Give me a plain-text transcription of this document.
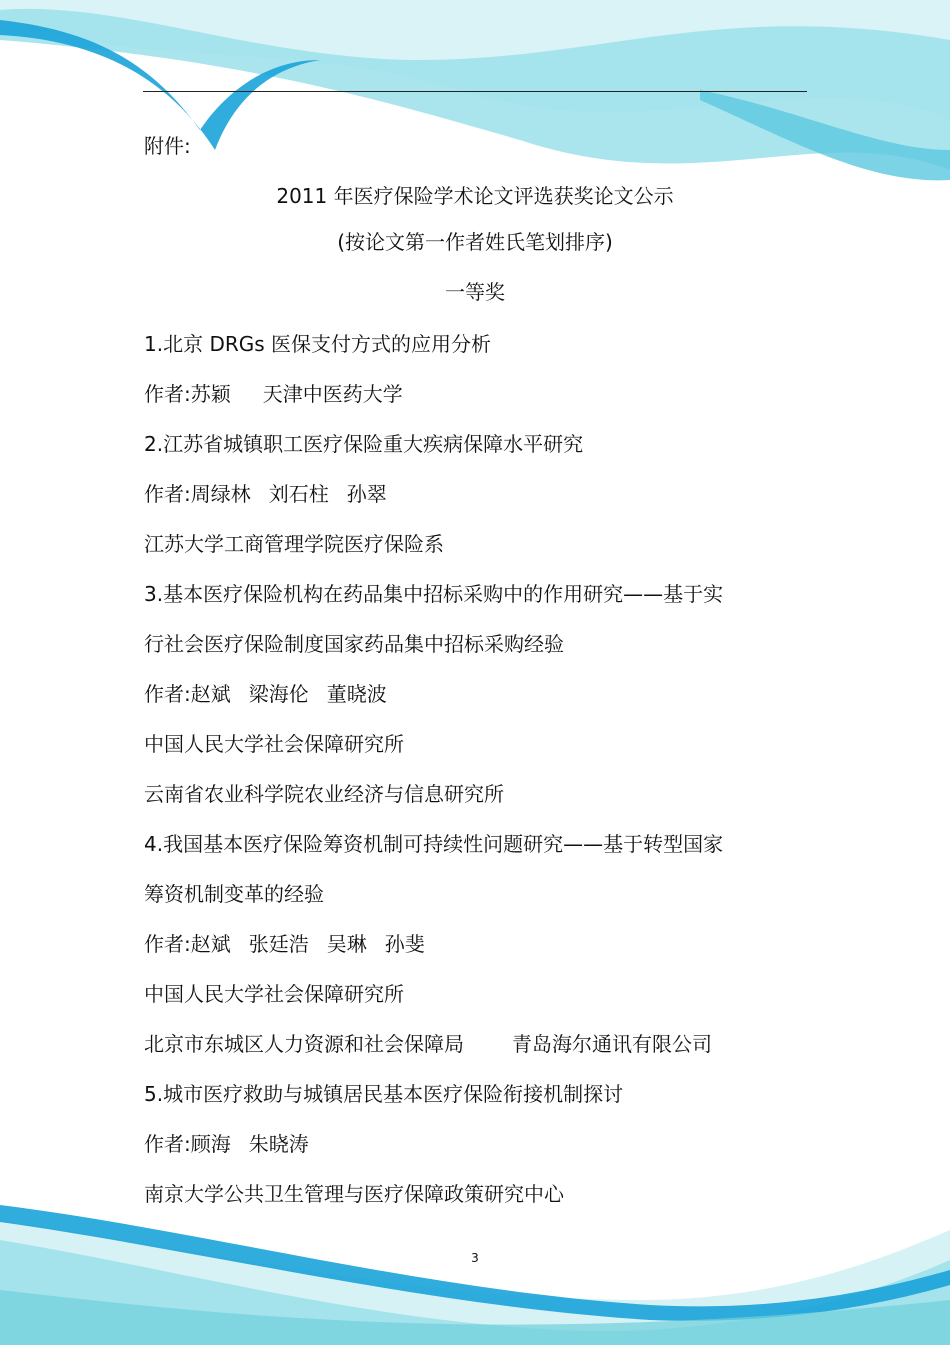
附件:
2011 年医疗保险学术论文评选获奖论文公示
(按论文第一作者姓氏笔划排序)
一等奖
1.北京 DRGs 医保支付方式的应用分析
作者:苏颖 天津中医药大学
2.江苏省城镇职工医疗保险重大疾病保障水平研究
作者:周绿林 刘石柱 孙翠
江苏大学工商管理学院医疗保险系
3.基本医疗保险机构在药品集中招标采购中的作用研究——基于实
行社会医疗保险制度国家药品集中招标采购经验
作者:赵斌 梁海伦 董晓波
中国人民大学社会保障研究所
云南省农业科学院农业经济与信息研究所
4.我国基本医疗保险筹资机制可持续性问题研究——基于转型国家
筹资机制变革的经验
作者:赵斌 张廷浩 吴琳 孙斐
中国人民大学社会保障研究所
北京市东城区人力资源和社会保障局 青岛海尔通讯有限公司
5.城市医疗救助与城镇居民基本医疗保险衔接机制探讨
作者:顾海 朱晓涛
南京大学公共卫生管理与医疗保障政策研究中心
3
